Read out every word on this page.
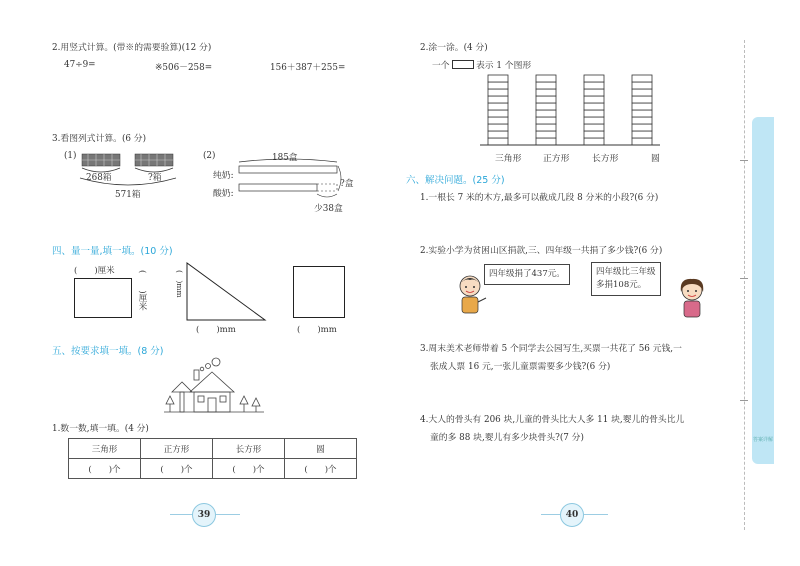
2.用竖式计算。(带※的需要验算)(12 分)
47÷9=	※506－258=	156＋387＋255=
3.看图列式计算。(6 分)
(1)
268箱	?箱
571箱
(2)	185盒
纯奶:
酸奶:
?盒
少38盒
四、量一量,填一填。(10 分)
(　　)厘米	(　　)厘米	(　)mm
(　　)mm	(　　)mm
五、按要求填一填。(8 分)
1.数一数,填一填。(4 分)
三角形	正方形	长方形	圆
(　　)个	(　　)个	(　　)个	(　　)个
39
2.涂一涂。(4 分)
一个	表示 1 个图形
三角形 正方形	长方形	圆
六、解决问题。(25 分)
1.一根长 7 米的木方,最多可以截成几段 8 分米的小段?(6 分)
2.实验小学为贫困山区捐款,三、四年级一共捐了多少钱?(6 分)
四年级捐了437元。	四年级比三年级
多捐108元。
3.周末美术老师带着 5 个同学去公园写生,买票一共花了 56 元钱,一
张成人票 16 元,一张儿童票需要多少钱?(6 分)
4.大人的骨头有 206 块,儿童的骨头比大人多 11 块,婴儿的骨头比儿
童的多 88 块,婴儿有多少块骨头?(7 分)
40
答案详解
